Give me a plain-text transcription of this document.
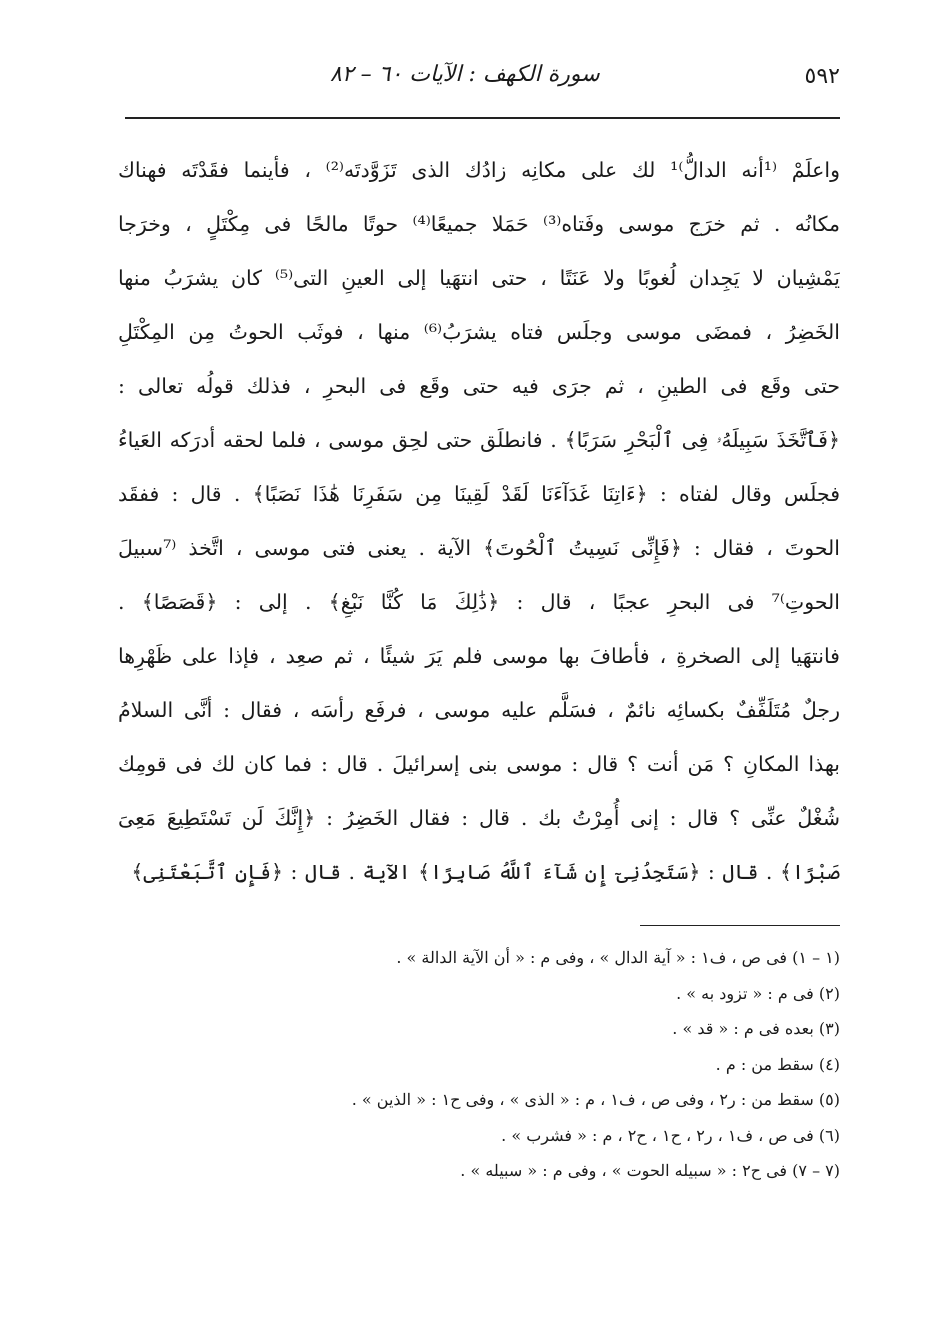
٥٩٢
سورة الكهف : الآيات ٦٠ – ٨٢
واعلَمْ ⁽¹أنه الدالُّ⁾¹ لك على مكانِه زادُك الذى تَزَوَّدتَه⁽²⁾ ، فأينما فقَدْتَه فهناك
مكانُه . ثم خرَج موسى وفَتاه⁽³⁾ حَمَلا جميعًا⁽⁴⁾ حوتًا مالحًا فى مِكْتَلٍ ، وخرَجا
يَمْشِيان لا يَجِدان لُغوبًا ولا عَنَتًا ، حتى انتهَيا إلى العينِ التى⁽⁵⁾ كان يشرَبُ منها
الخَضِرُ ، فمضَى موسى وجلَس فتاه يشرَبُ⁽⁶⁾ منها ، فوثَب الحوتُ مِن المِكْتَلِ
حتى وقَع فى الطينِ ، ثم جرَى فيه حتى وقَع فى البحرِ ، فذلك قولُه تعالى :
﴿فَٱتَّخَذَ سَبِيلَهُۥ فِى ٱلْبَحْرِ سَرَبًا﴾ . فانطلَق حتى لحِق موسى ، فلما لحقه أدرَكه العَياءُ
فجلَس وقال لفتاه : ﴿ءَاتِنَا غَدَآءَنَا لَقَدْ لَقِينَا مِن سَفَرِنَا هَٰذَا نَصَبًا﴾ . قال : ففقَد
الحوتَ ، فقال : ﴿فَإِنِّى نَسِيتُ ٱلْحُوتَ﴾ الآية . يعنى فتى موسى ، اتَّخذ ⁽⁷سبيلَ
الحوتِ⁾⁷ فى البحرِ عجبًا ، قال : ﴿ذَٰلِكَ مَا كُنَّا نَبْغِ﴾ . إلى : ﴿قَصَصًا﴾ .
فانتهَيا إلى الصخرةِ ، فأطافَ بها موسى فلم يَرَ شيئًا ، ثم صعِد ، فإذا على ظَهْرِها
رجلٌ مُتَلَفِّفٌ بكسائِه نائمٌ ، فسَلَّم عليه موسى ، فرفَع رأسَه ، فقال : أنَّى السلامُ
بهذا المكانِ ؟ مَن أنت ؟ قال : موسى بنى إسرائيلَ . قال : فما كان لك فى قومِك
شُغْلٌ عنِّى ؟ قال : إنى أُمِرْتُ بك . قال : فقال الخَضِرُ : ﴿إِنَّكَ لَن تَسْتَطِيعَ مَعِىَ
صَبْرًا﴾ . قال : ﴿سَتَجِدُنِىٓ إِن شَآءَ ٱللَّهُ صَابِرًا﴾ الآية . قال : ﴿فَإِنِ ٱتَّبَعْتَنِى﴾
(١ – ١) فى ص ، ف١ : « آية الدال » ، وفى م : « أن الآية الدالة » .
(٢) فى م : « تزود به » .
(٣) بعده فى م : « قد » .
(٤) سقط من : م .
(٥) سقط من : ر٢ ، وفى ص ، ف١ ، م : « الذى » ، وفى ح١ : « الذين » .
(٦) فى ص ، ف١ ، ر٢ ، ح١ ، ح٢ ، م : « فشرب » .
(٧ – ٧) فى ح٢ : « سبيله الحوت » ، وفى م : « سبيله » .
